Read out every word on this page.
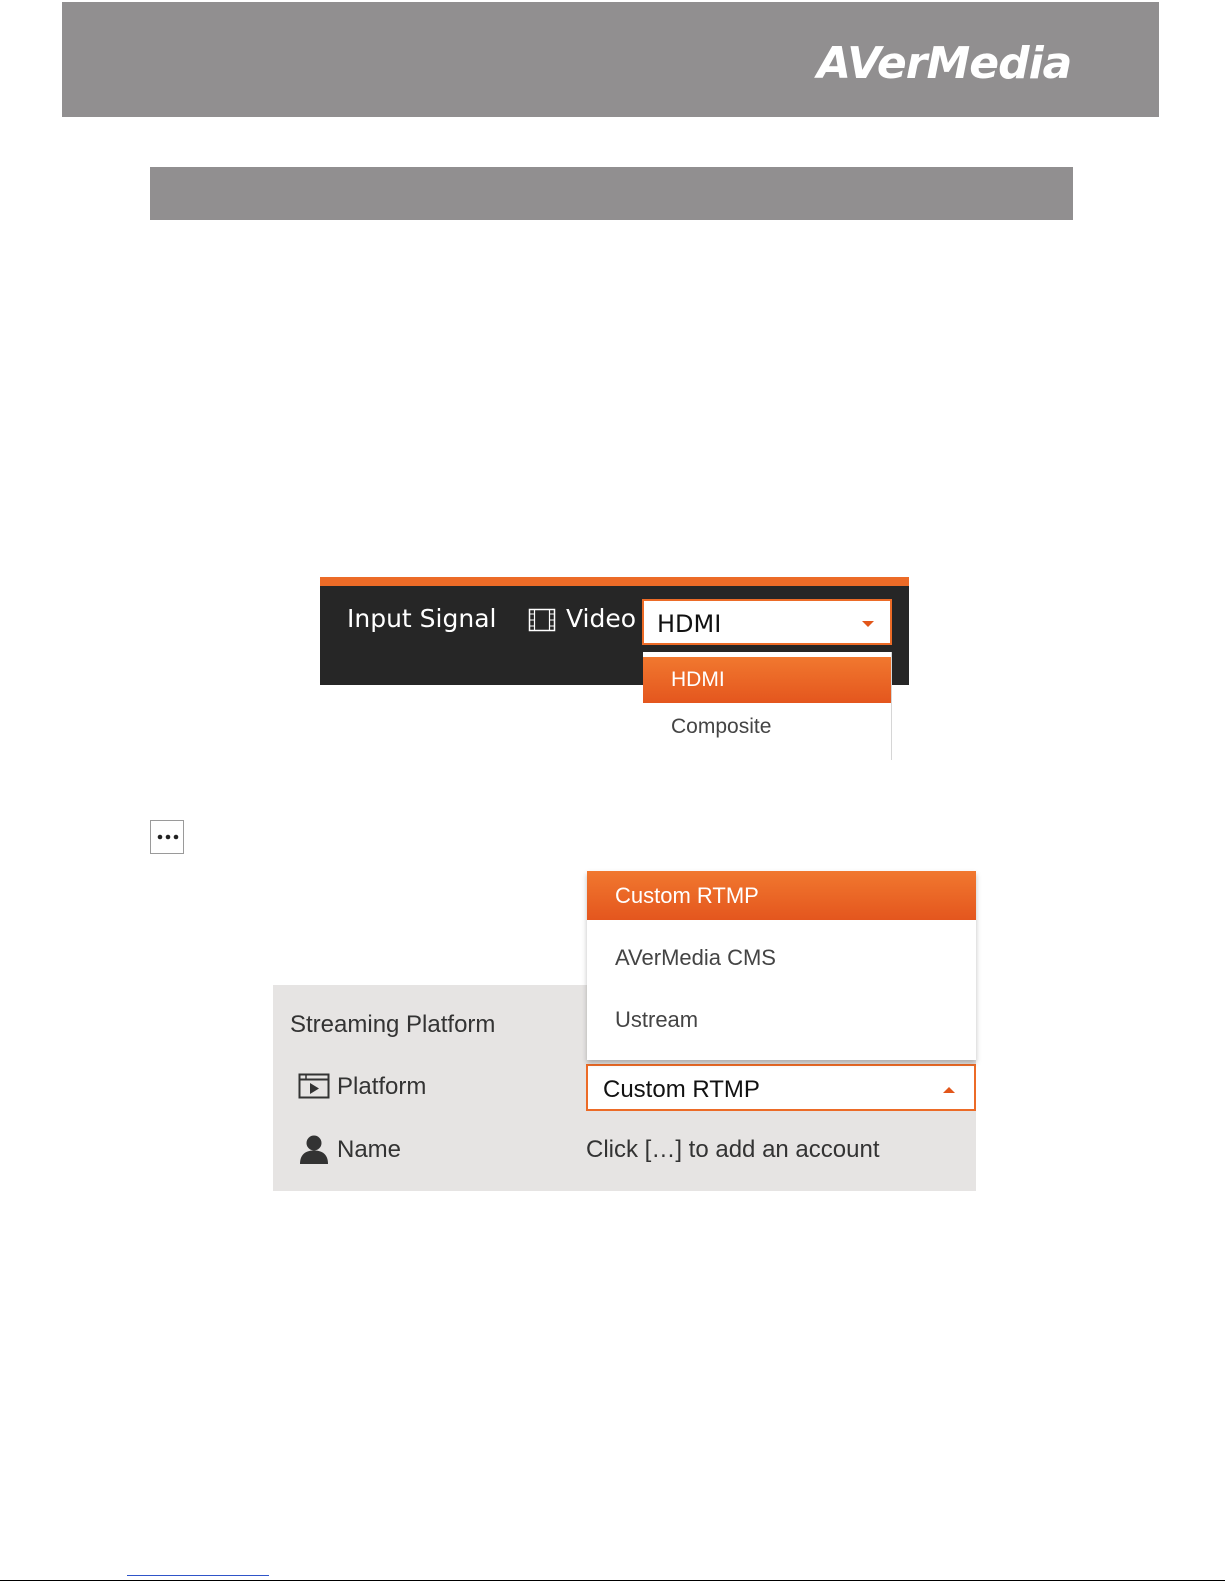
AVerMedia
Input Signal	Video HDMI
HDMI
Composite
Streaming Platform
Platform	Custom RTMP
Name	Click […] to add an account
Custom RTMP
AVerMedia CMS
Ustream
